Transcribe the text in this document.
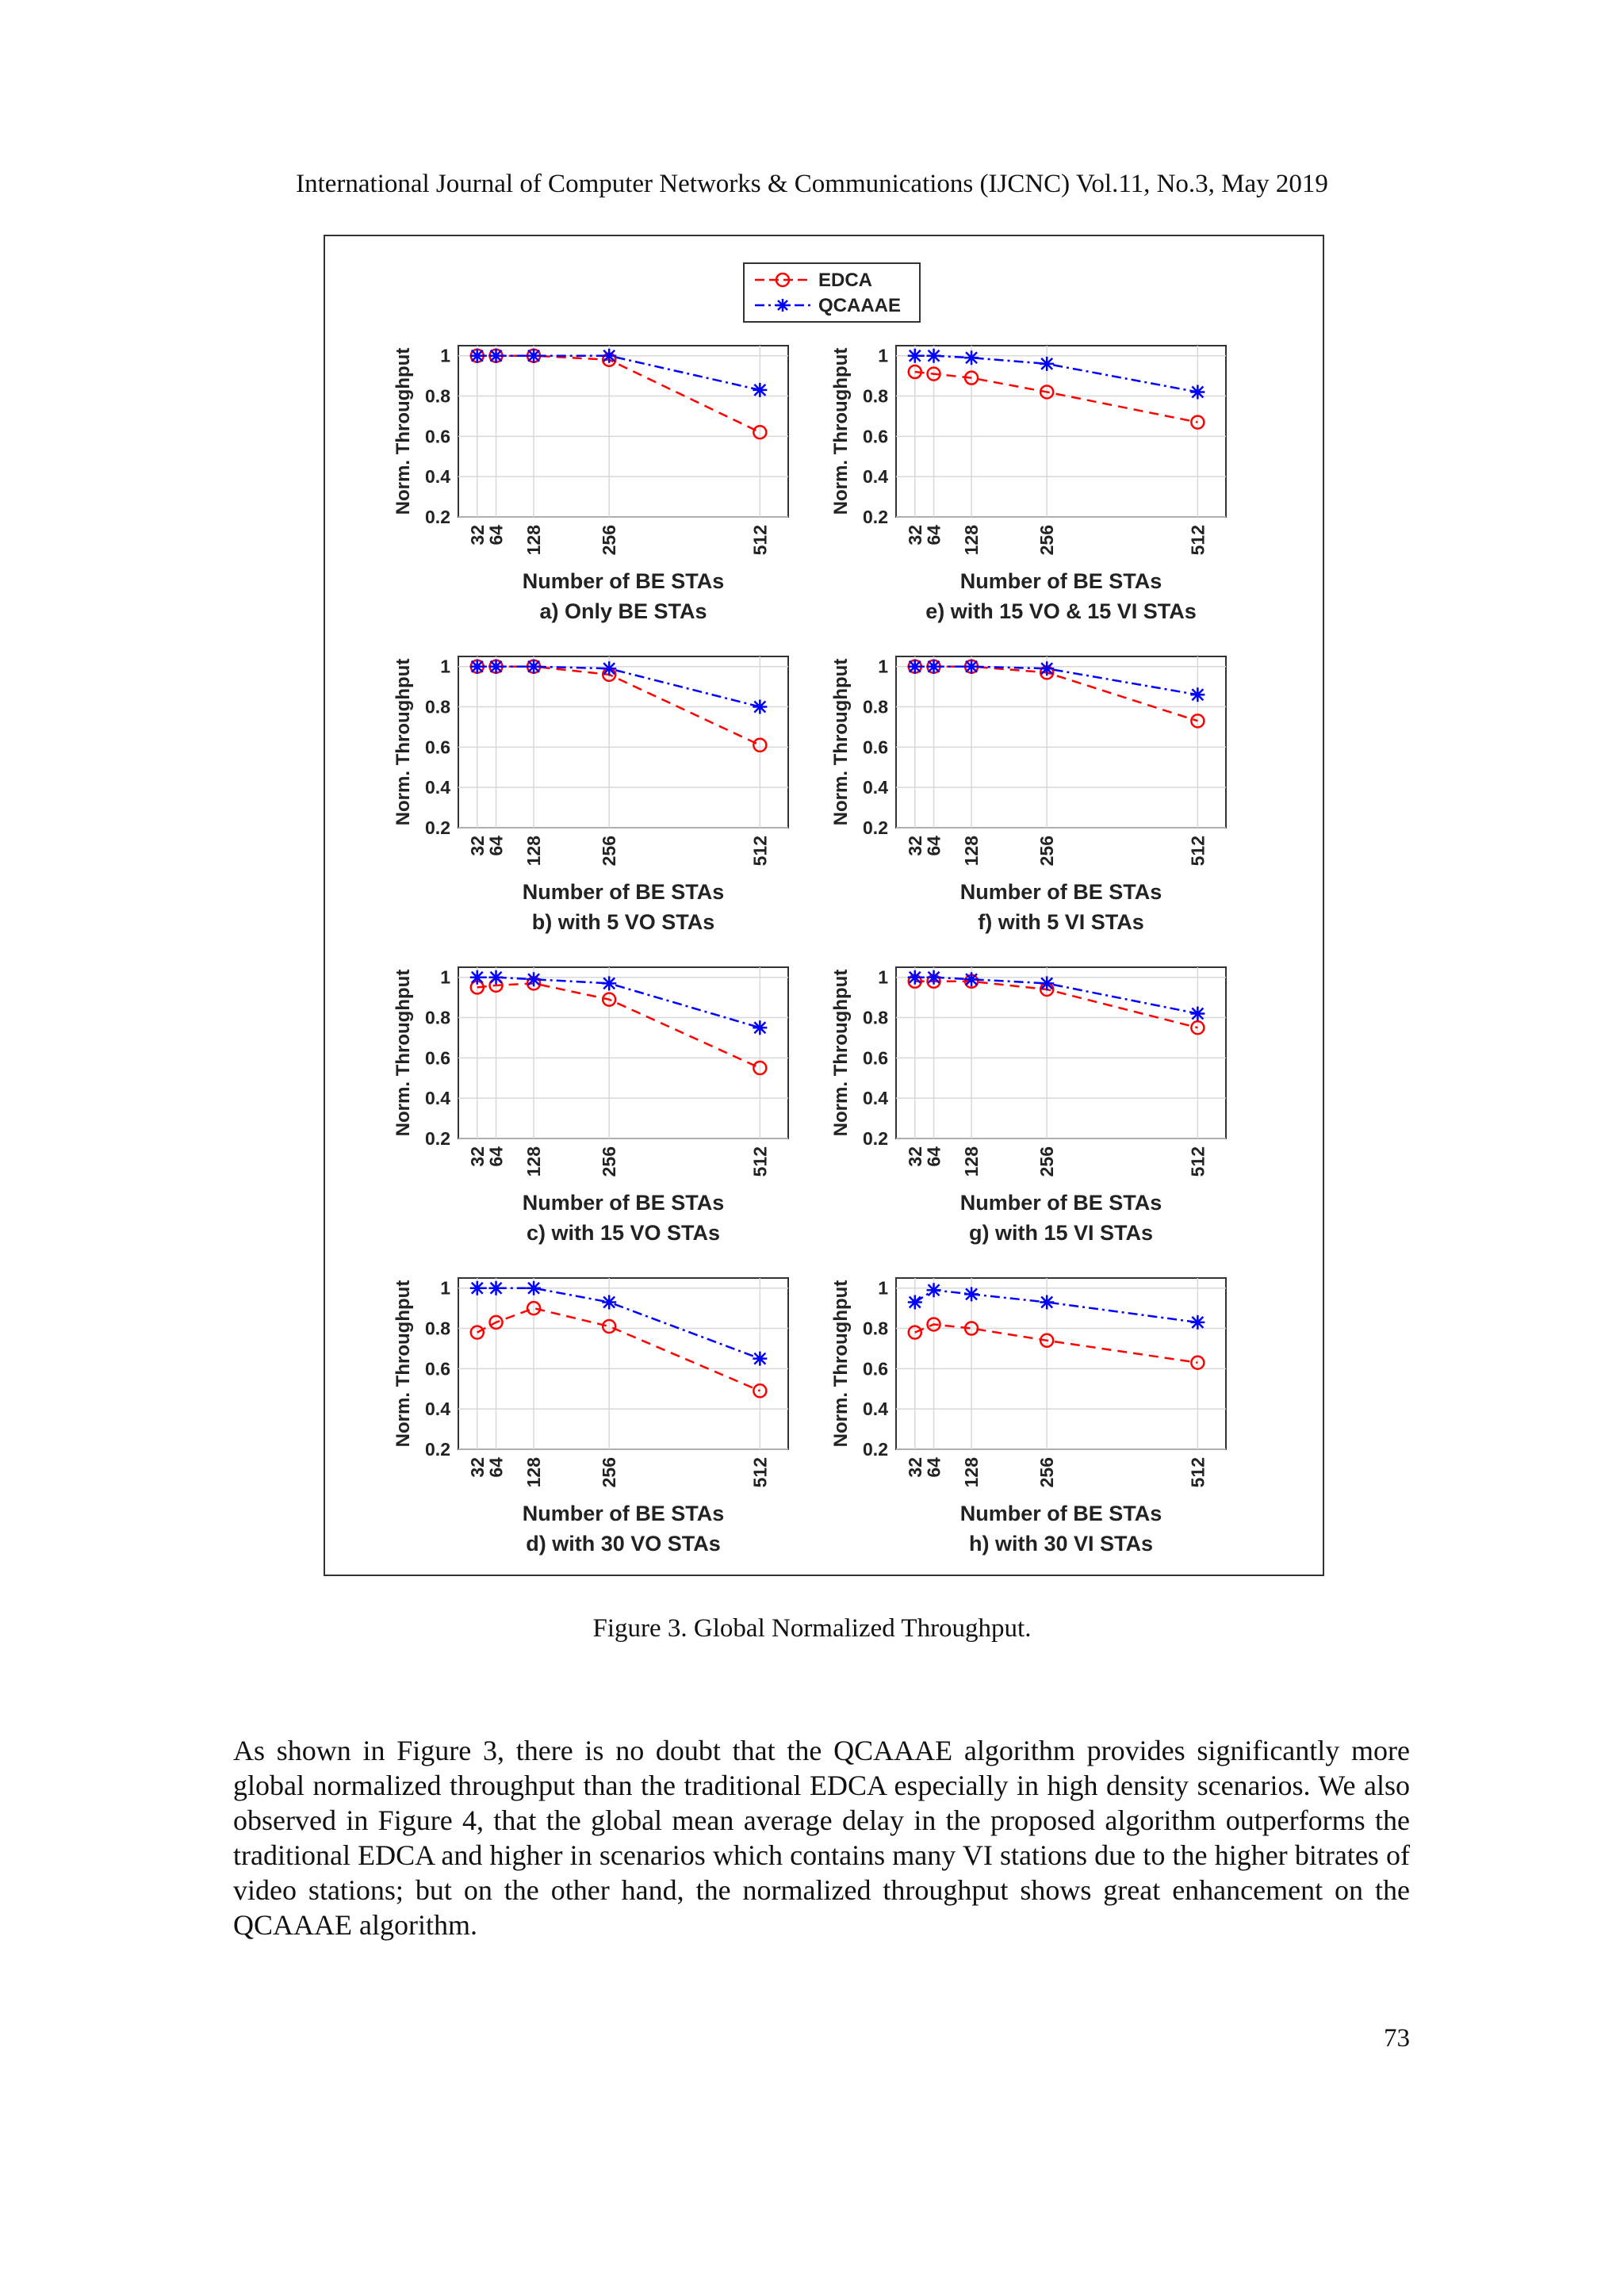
International Journal of Computer Networks & Communications (IJCNC) Vol.11, No.3, May 2019
EDCA
QCAAAE
0.2
0.4
0.6
0.8
1
32
64 128	256	512
Norm. Throughput
Number of BE STAs
a) Only BE STAs
0.2
0.4
0.6
0.8
1
32
64 128	256	512
Norm. Throughput
Number of BE STAs
e) with 15 VO & 15 VI STAs
0.2
0.4
0.6
0.8
1
32
64 128	256	512
Norm. Throughput
Number of BE STAs
b) with 5 VO STAs
0.2
0.4
0.6
0.8
1
32
64 128	256	512
Norm. Throughput
Number of BE STAs
f) with 5 VI STAs
0.2
0.4
0.6
0.8
1
32
64 128	256	512
Norm. Throughput
Number of BE STAs
c) with 15 VO STAs
0.2
0.4
0.6
0.8
1
32
64 128	256	512
Norm. Throughput
Number of BE STAs
g) with 15 VI STAs
0.2
0.4
0.6
0.8
1
32
64 128	256	512
Norm. Throughput
Number of BE STAs
d) with 30 VO STAs
0.2
0.4
0.6
0.8
1
32
64 128	256	512
Norm. Throughput
Number of BE STAs
h) with 30 VI STAs
Figure 3. Global Normalized Throughput.

As shown in Figure 3, there is no doubt that the QCAAAE algorithm provides significantly more global normalized throughput than the traditional EDCA especially in high density scenarios. We also observed in Figure 4, that the global mean average delay in the proposed algorithm outperforms the traditional EDCA and higher in scenarios which contains many VI stations due to the higher bitrates of video stations; but on the other hand, the normalized throughput shows great enhancement on the QCAAAE algorithm.

73
